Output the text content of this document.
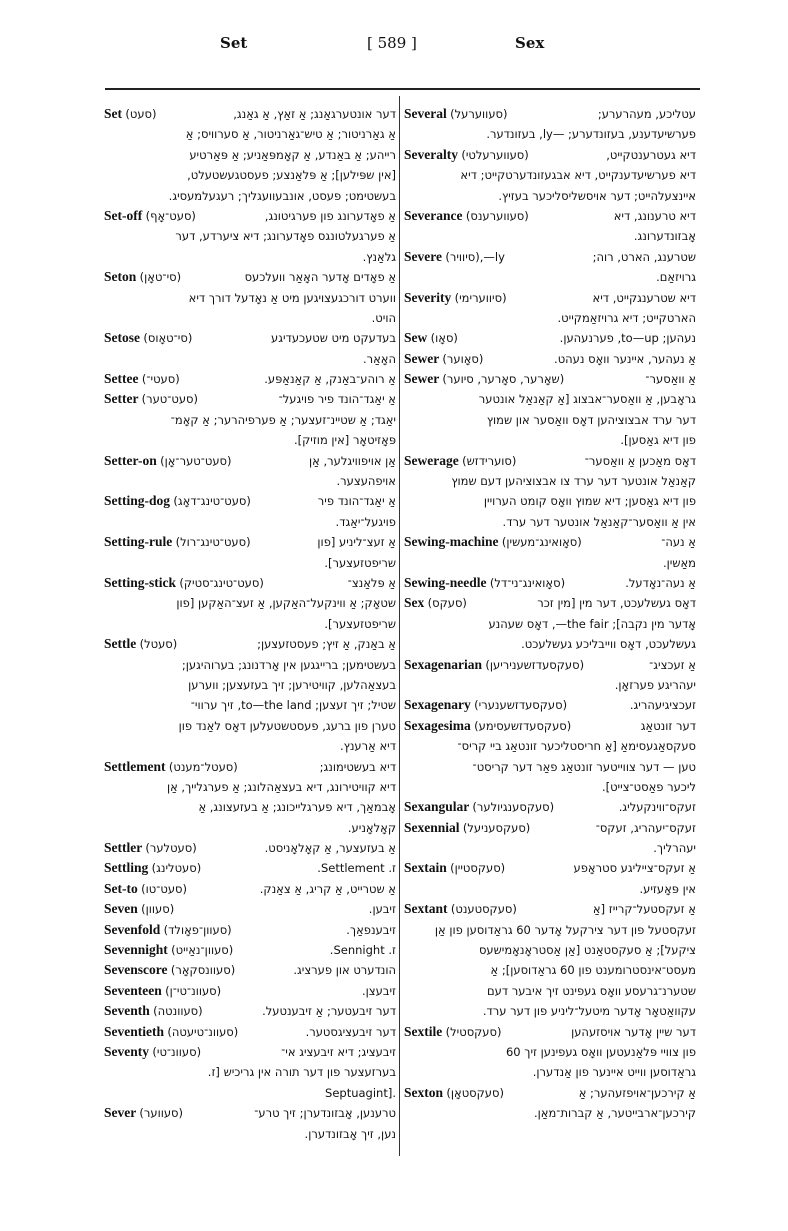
Set	[ 589 ]	Sex
Set (סעט)	דער אונטערגאַנג; אַ זאַץ, אַ גאַנג,
אַ גאַרניטור; אַ טיש־גאַרניטור, אַ סערוויס; אַ
רייהע; אַ באַנדע, אַ קאָמפּאַניע; אַ פּאַרטיע
[אין שפּילען]; אַ פּלאַנצע; פעסטגעשטעלט,
בעשטימט; פעסט, אונבעוועגליך; רעגעלמעסיג.
Set-off (סעט־אָף)	אַ פאָדערונג פון פערגיטונג,
אַ פערגעלטונגס פאָדערונג; דיא ציערדע, דער
גלאַנץ.
Seton (סי־טאָן)	אַ פאָדים אָדער האָאַר וועלכעס
ווערט דורכגעצויגען מיט אַ נאָדעל דורך דיא
הויט.
Setose (סי־טאָוס)	בעדעקט מיט שטעכעדיגע
האָאַר.
Settee (סעטי־)	אַ רוהע־באַנק, אַ קאַנאַפּע.
Setter (סעט־טער)	אַ יאַגד־הונד פיר פויגעל־
יאַגד; אַ שטיינ־זעצער; אַ פערפיהרער; אַ קאָמ־
פּאָזיטאָר [אין מוזיק].
Setter-on (סעט־טער־אָן)	אַן אויפוויגלער, אַן
אויפהעצער.
Setting-dog (סעט־טינג־דאָג)	אַ יאַגד־הונד פיר
פויגעל־יאַגד.
Setting-rule (סעט־טינג־רול)	אַ זעצ־ליניע [פון
שריפטזעצער].
Setting-stick (סעט־טינג־סטיק)	אַ פּלאַנצ־
שטאָק; אַ ווינקעל־האַקען, אַ זעצ־האַקען [פון
שריפטזעצער].
Settle (סעטל)	אַ באַנק, אַ זיץ; פעסטזעצען;
בעשטימען; ברייגגען אין אָרדנונג; בערוהיגען;
בעצאַהלען, קוויטירען; זיך בעזעצען; ווערען
שטיל; זיך זעצען; to—the land, זיך ערווי־
טערן פון ברעג, פעסטשטעלען דאָס לאַנד פון
דיא אַרענץ.
Settlement (סעטל־מענט)	דיא בעשטימונג;
דיא קוויטירונג, דיא בעצאַהלונג; אַ פערגלייך, אַן
אָבמאַך, דיא פערגלייכונג; אַ בעזעצונג, אַ
קאָלאָניע.
Settler (סעטלער)	אַ בעזעצער, אַ קאָלאָניסט.
Settling (סעטלינג)	ז. Settlement.
Set-to (סעט־טו)	אַ שטרייט, אַ קריג, אַ צאַנק.
Seven (סעוון)	זיבען.
Sevenfold (סעוון־פאָולד)	זיבענפאַך.
Sevennight (סעוון־נאַייט)	ז. Sennight.
Sevenscore (סעוונסקאָר)	הונדערט און פערציג.
Seventeen (סעוונ־טי־ן)	זיבעצן.
Seventh (סעוונטה)	דער זיבעטער; אַ זיבענטעל.
Seventieth (סעוונ־טיעטה)	דער זיבעציגסטער.
Seventy (סעוונ־טי)	זיבעציג; דיא זיבעציג אי־
בערזעצער פון דער תורה אין גריכיש [ז.
.[Septuagint
Sever (סעווער)	טרענען, אָבזונדערן; זיך טרע־
נען, זיך אָבזונדערן.
Several (סעווערעל)	עטליכע, מעהרערע;
פערשיעדענע, בעזונדערע; —ly, בעזונדער.
Severalty (סעווערעלטי)	דיא געטרענטקייט,
דיא פערשיעדענקייט, דיא אבגעזונדערטקייט; דיא
איינצעלהייט; דער אויסשליסליכער בעזיץ.
Severance (סעווערענס)	דיא טרענונג, דיא
אָבזונדערונג.
Severe (סיוויר),—ly	שטרענג, הארט, רוה;
גרויזאַם.
Severity (סיווערימי)	דיא שטרענגקייט, דיא
הארטקייט; דיא גרויזאַמקייט.
Sew (סאָו)	נעהען; to—up, פערנעהען.
Sewer (סאָוער)	אַ נעהער, איינער וואָס נעהט.
Sewer (שאָרער, סאָרער, סיוער)	אַ וואַסער־
גראָבען, אַ וואַסער־אבצוג [אַ קאַנאַל אונטער
דער ערד אבצוציהען דאָס וואַסער און שמוץ
פון דיא גאַסען].
Sewerage (סוערידזש)	דאָס מאַכען אַ וואַסער־
קאַנאַל אונטער דער ערד צו אבצוציהען דעם שמוץ
פון דיא גאַסען; דיא שמוץ וואָס קומט הערויין
אין אַ וואַסער־קאַנאַל אונטער דער ערד.
Sewing-machine (סאָואינג־מעשין)	אַ נעה־
מאַשין.
Sewing-needle (סאָואינג־ני־דל)	אַ נעה־נאָדעל.
Sex (סעקס)	דאָס געשלעכט, דער מין [מין זכר
אָדער מין נקבה]; the fair—, דאָס שעהנע
געשלעכט, דאָס ווייבליכע געשלעכט.
Sexagenarian (סעקסעדזשעניריען)	אַ זעכציג־
יעהריגע פערזאָן.
Sexagenary (סעקסעדזשענערי)	זעכציגיעהריג.
Sexagesima (סעקסעדזשעסימע)	דער זונטאַג
סעקסאַגעסימאַ [אַ חריסטליכער זונטאַג ביי קריס־
טען — דער צווייטער זונטאַג פאַר דער קריסט־
ליכער פאַסט־צייט].
Sexangular (סעקסענגיולער)	זעקס־ווינקעליג.
Sexennial (סעקסעניעל)	זעקס־יעהריג, זעקס־
יעהרליך.
Sextain (סעקסטיין)	אַ זעקס־צייליגע סטראָפע
אין פּאָעזיע.
Sextant (סעקסטענט)	אַ זעקסטעל־קרייז [אַ
זעקסטעל פון דער צירקעל אָדער 60 גראַדוסען פון אַן
ציקעל]; אַ סעקסטאַנט [אַן אַסטראָנאָמישעס
מעסט־אינסטרומענט פון 60 גראַדוסען]; אַ
שטערנ־גרעסע וואָס געפינט זיך איבער דעם
עקוואַטאָר אָדער מיטעל־ליניע פון דער ערד.
Sextile (סעקסטיל)	דער שיין אָדער אויסזעהען
פון צוויי פּלאַנעטען וואָס געפינען זיך 60
גראַדוסען ווייט איינער פון אַנדערן.
Sexton (סעקסטאָן)	אַ קירכען־אויפזעהער; אַ
קירכען־ארבייטער, אַ קברות־מאַן.
